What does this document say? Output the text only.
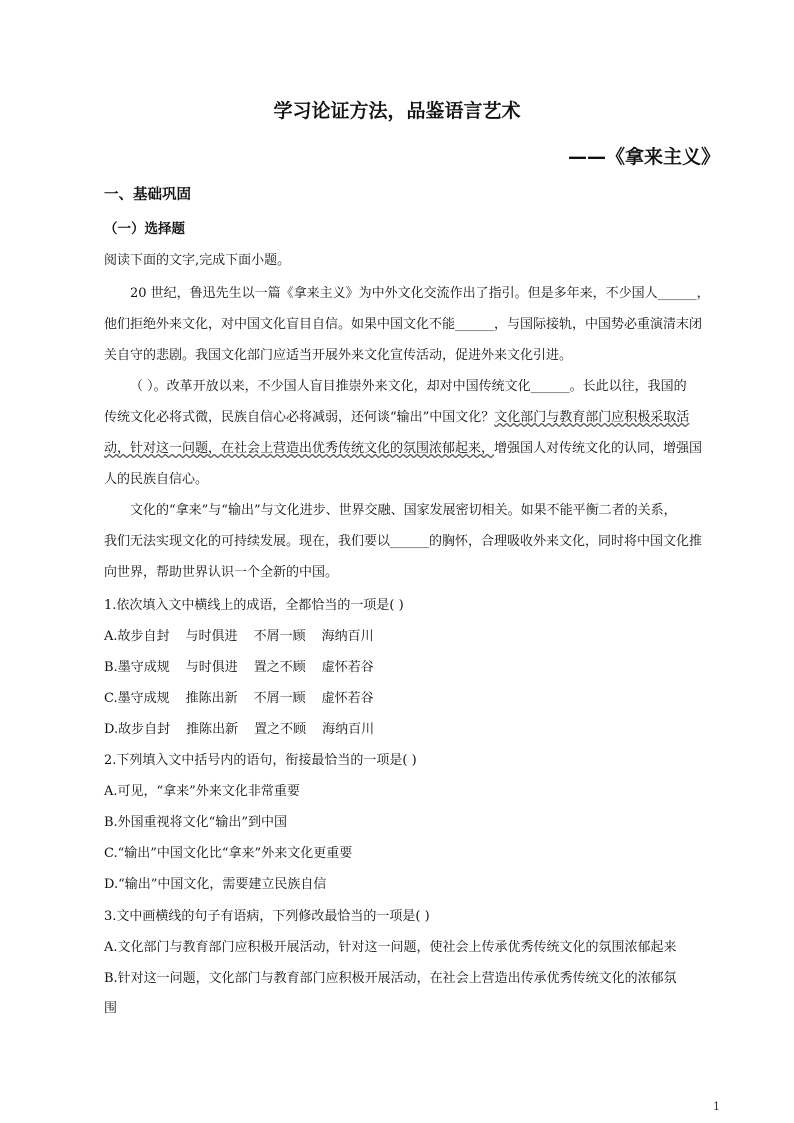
学习论证方法，品鉴语言艺术
——《拿来主义》
一、基础巩固
（一）选择题
阅读下面的文字,完成下面小题。
20 世纪，鲁迅先生以一篇《拿来主义》为中外文化交流作出了指引。但是多年来，不少国人______，
他们拒绝外来文化，对中国文化盲目自信。如果中国文化不能______，与国际接轨，中国势必重演清末闭
关自守的悲剧。我国文化部门应适当开展外来文化宣传活动，促进外来文化引进。
（ ）。改革开放以来，不少国人盲目推崇外来文化，却对中国传统文化______。长此以往，我国的
传统文化必将式微，民族自信心必将减弱，还何谈“输出”中国文化？文化部门与教育部门应积极采取活
动，针对这一问题，在社会上营造出优秀传统文化的氛围浓郁起来，增强国人对传统文化的认同，增强国
人的民族自信心。
文化的“拿来”与“输出”与文化进步、世界交融、国家发展密切相关。如果不能平衡二者的关系，
我们无法实现文化的可持续发展。现在，我们要以______的胸怀，合理吸收外来文化，同时将中国文化推
向世界，帮助世界认识一个全新的中国。
1.依次填入文中横线上的成语，全都恰当的一项是( )
A.故步自封 与时俱进 不屑一顾 海纳百川
B.墨守成规 与时俱进 置之不顾 虚怀若谷
C.墨守成规 推陈出新 不屑一顾 虚怀若谷
D.故步自封 推陈出新 置之不顾 海纳百川
2.下列填入文中括号内的语句，衔接最恰当的一项是( )
A.可见，“拿来”外来文化非常重要
B.外国重视将文化“输出”到中国
C.“输出”中国文化比“拿来”外来文化更重要
D.“输出”中国文化，需要建立民族自信
3.文中画横线的句子有语病，下列修改最恰当的一项是( )
A.文化部门与教育部门应积极开展活动，针对这一问题，使社会上传承优秀传统文化的氛围浓郁起来
B.针对这一问题，文化部门与教育部门应积极开展活动，在社会上营造出传承优秀传统文化的浓郁氛
围
1
